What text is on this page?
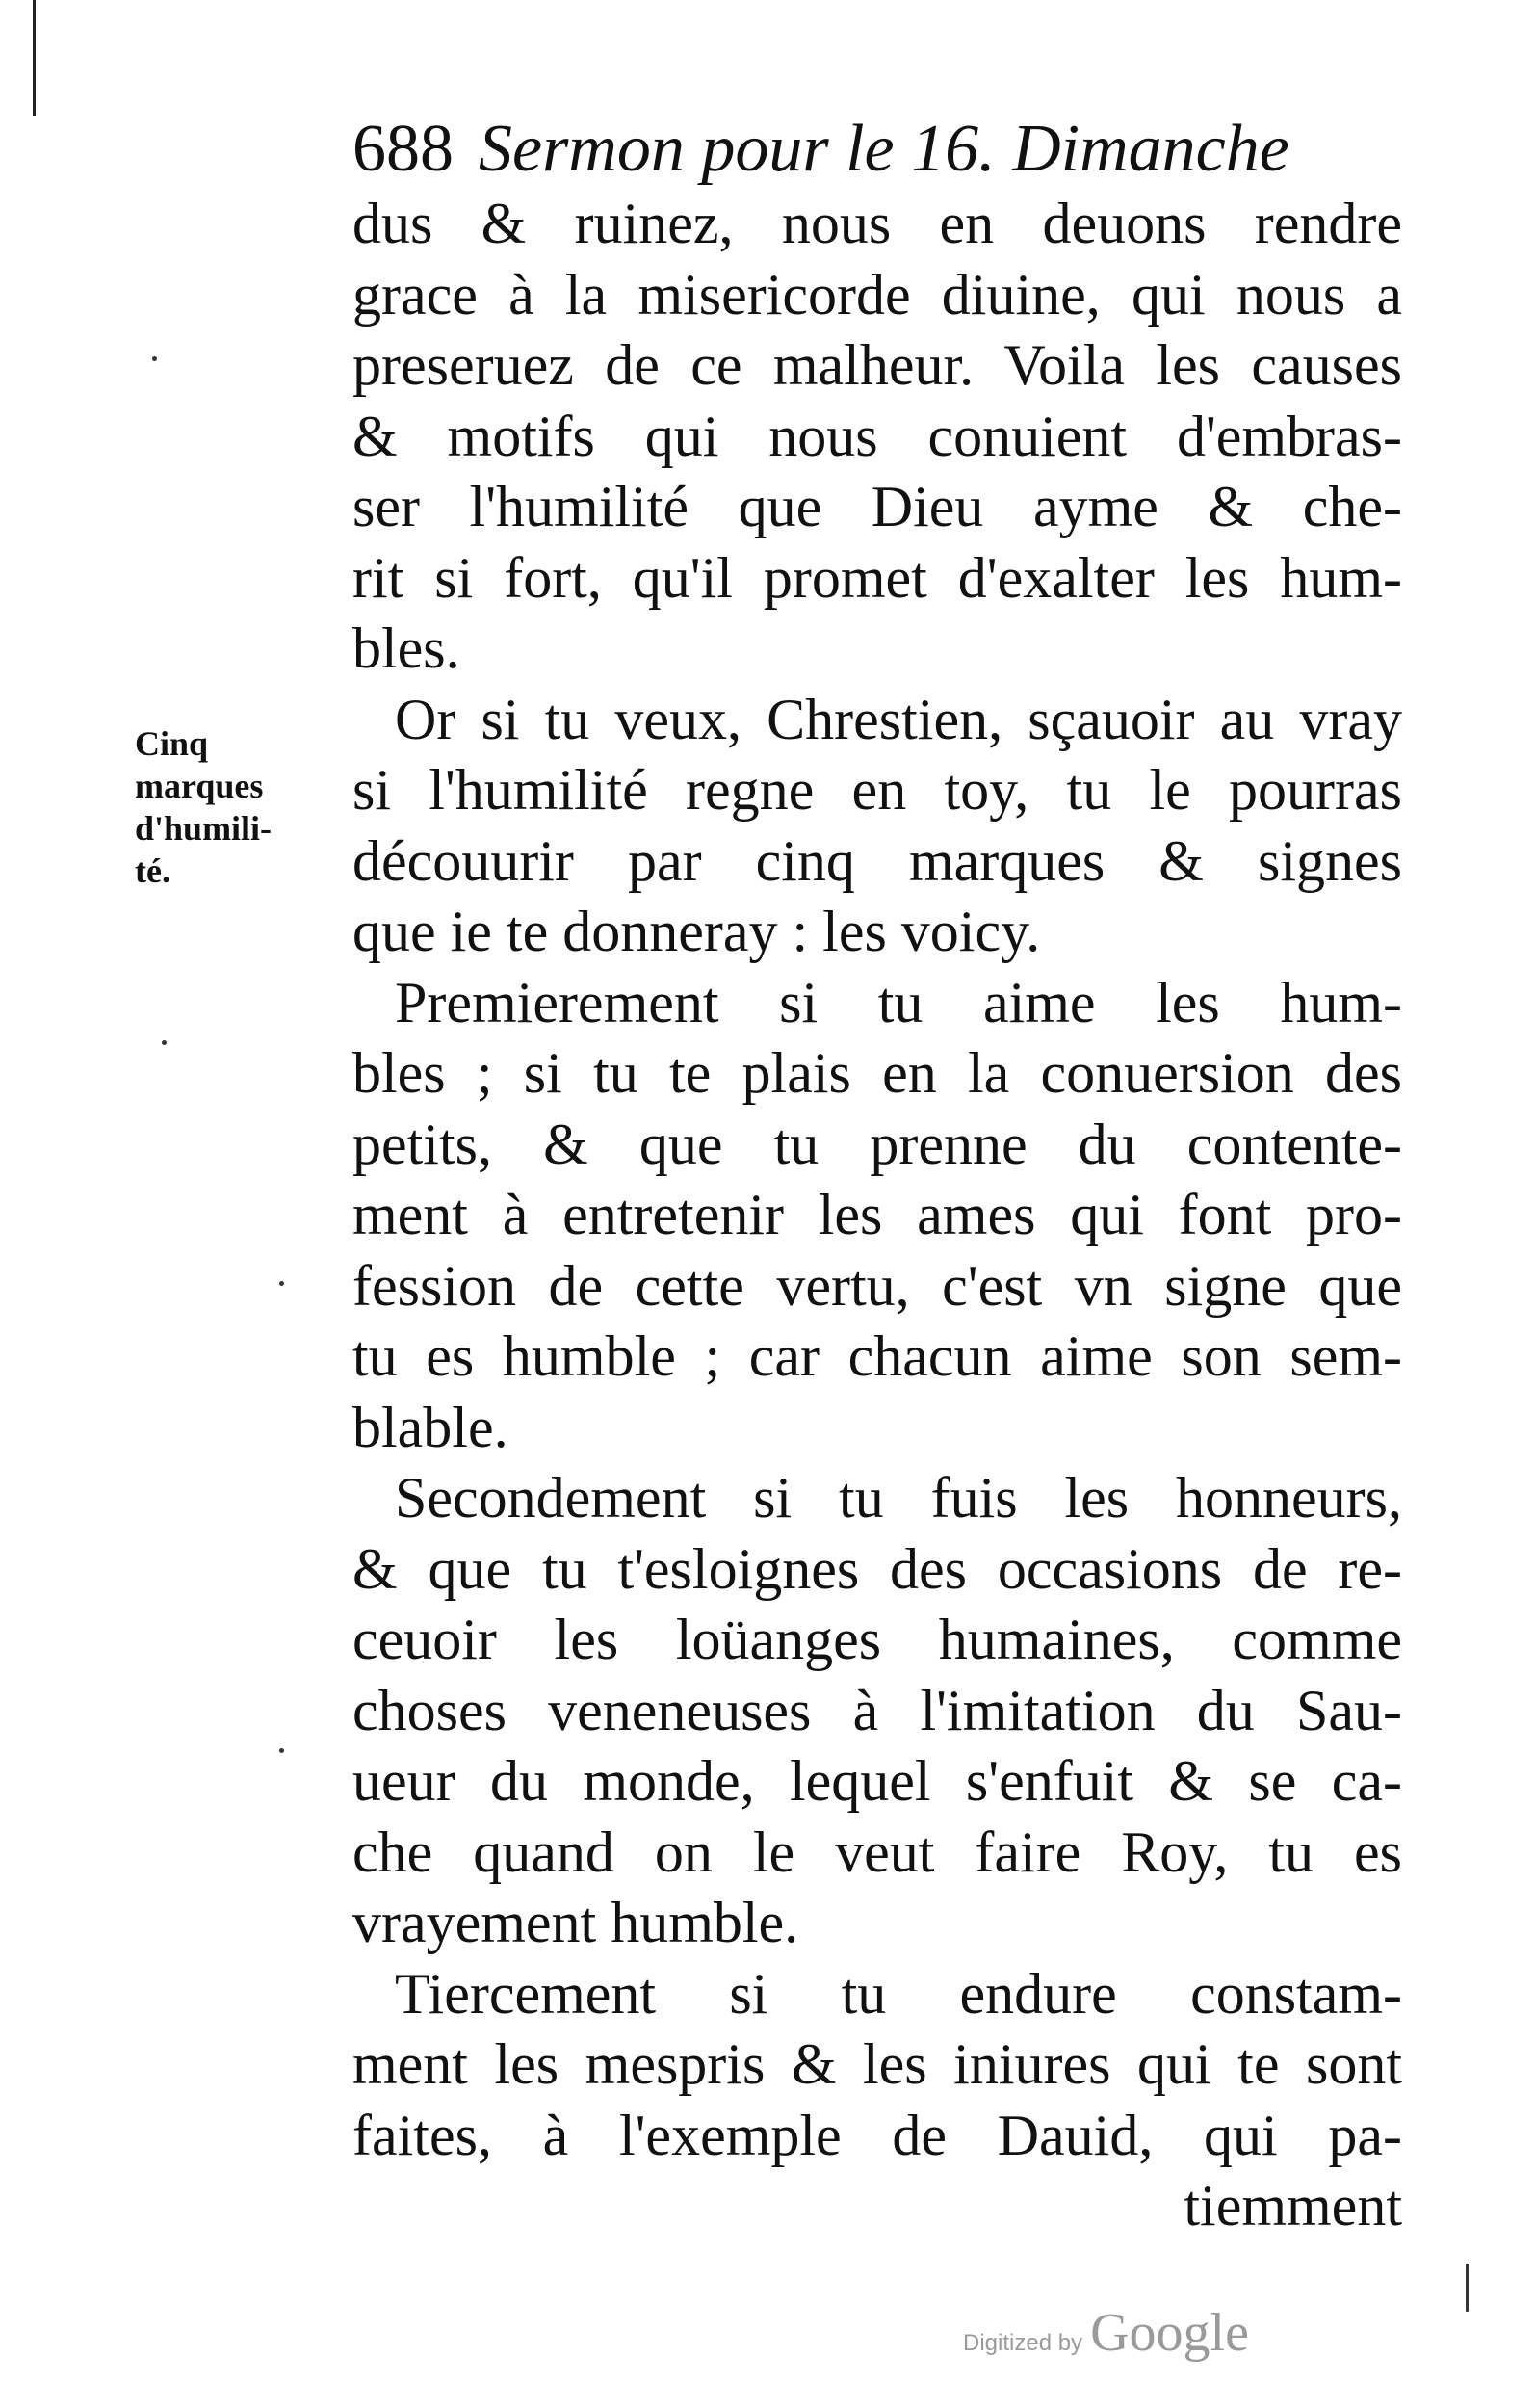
688 Sermon pour le 16. Dimanche
Cinq
marques
d'humili-
té.
dus & ruinez, nous en deuons rendre
grace à la misericorde diuine, qui nous a
preseruez de ce malheur. Voila les causes
& motifs qui nous conuient d'embras-
ser l'humilité que Dieu ayme & che-
rit si fort, qu'il promet d'exalter les hum-
bles.
Or si tu veux, Chrestien, sçauoir au vray
si l'humilité regne en toy, tu le pourras
découurir par cinq marques & signes
que ie te donneray : les voicy.
Premierement si tu aime les hum-
bles ; si tu te plais en la conuersion des
petits, & que tu prenne du contente-
ment à entretenir les ames qui font pro-
fession de cette vertu, c'est vn signe que
tu es humble ; car chacun aime son sem-
blable.
Secondement si tu fuis les honneurs,
& que tu t'esloignes des occasions de re-
ceuoir les loüanges humaines, comme
choses veneneuses à l'imitation du Sau-
ueur du monde, lequel s'enfuit & se ca-
che quand on le veut faire Roy, tu es
vrayement humble.
Tiercement si tu endure constam-
ment les mespris & les iniures qui te sont
faites, à l'exemple de Dauid, qui pa-
tiemment
Digitized by Google
